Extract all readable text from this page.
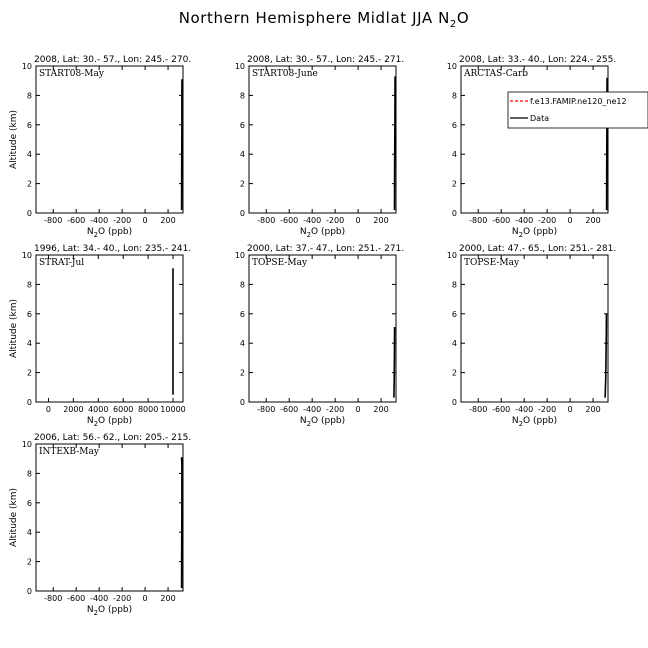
Northern Hemisphere Midlat JJA $N_2O$
2008, Lat: 30.- 57., Lon: 245.- 270.
START08-May
-800 -600 -400 -200 0 200
0
2
4
6
8
10
$N_2O$ (ppb)
Altitude (km)
2008, Lat: 30.- 57., Lon: 245.- 271.
START08-June
-800 -600 -400 -200 0 200
0
2
4
6
8
10
$N_2O$ (ppb)
2008, Lat: 33.- 40., Lon: 224.- 255.
ARCTAS-Carb
-800 -600 -400 -200 0 200
0
2
4
6
8
10
$N_2O$ (ppb)
f.e13.FAMIP.ne120_ne12
Data
1996, Lat: 34.- 40., Lon: 235.- 241.
STRAT-Jul
0 2000 4000 6000 8000 10000
0
2
4
6
8
10
$N_2O$ (ppb)
Altitude (km)
2000, Lat: 37.- 47., Lon: 251.- 271.
TOPSE-May
-800 -600 -400 -200 0 200
0
2
4
6
8
10
$N_2O$ (ppb)
2000, Lat: 47.- 65., Lon: 251.- 281.
TOPSE-May
-800 -600 -400 -200 0 200
0
2
4
6
8
10
$N_2O$ (ppb)
2006, Lat: 56.- 62., Lon: 205.- 215.
INTEXB-May
-800 -600 -400 -200 0 200
0
2
4
6
8
10
$N_2O$ (ppb)
Altitude (km)
